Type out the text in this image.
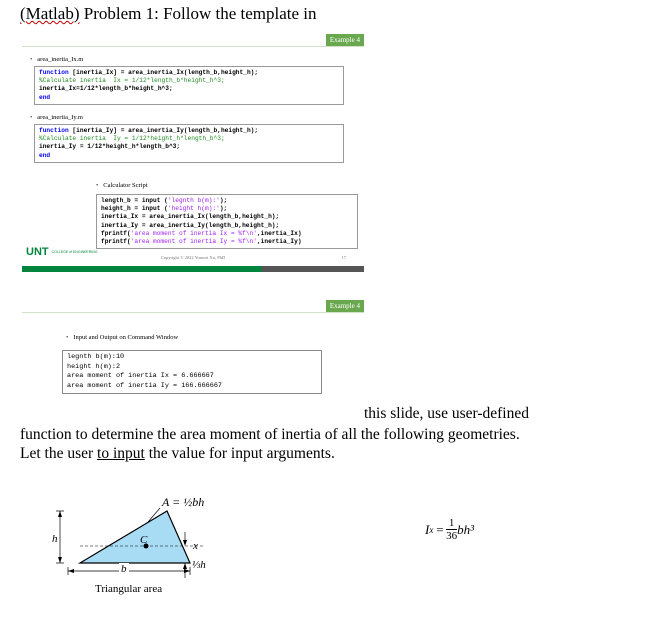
(Matlab) Problem 1: Follow the template in
Example 4
• area_inertia_Ix.m
function [inertia_Ix] = area_inertia_Ix(length_b,height_h);
%Calculate inertia  Ix = 1/12*length_b*height_h^3;
inertia_Ix=1/12*length_b*height_h^3;
end
• area_inertia_Iy.m
function [inertia_Iy] = area_inertia_Iy(length_b,height_h);
%Calculate inertia  Iy = 1/12*height_h*length_b^3;
inertia_Iy = 1/12*height_h*length_b^3;
end
• Calculator Script
length_b = input ('legnth b(m):');
height_h = input ('height h(m):');
inertia_Ix = area_inertia_Ix(length_b,height_h);
inertia_Iy = area_inertia_Iy(length_b,height_h);
fprintf('area moment of inertia Ix = %f\n',inertia_Ix)
fprintf('area moment of inertia Iy = %f\n',inertia_Iy)
UNT COLLEGE of ENGINEERING
Copyright © 2022 Yunwei Xu, PhD	17
Example 4
• Input and Output on Command Window
legnth b(m):10
height h(m):2
area moment of inertia Ix = 6.666667
area moment of inertia Iy = 166.666667
this slide, use user-defined
function to determine the area moment of inertia of all the following geometries.
Let the user to input the value for input arguments.
A = ½bh
C	x
h
b	⅓h
I $x = \frac{1}{36} bh^3$
Triangular area
